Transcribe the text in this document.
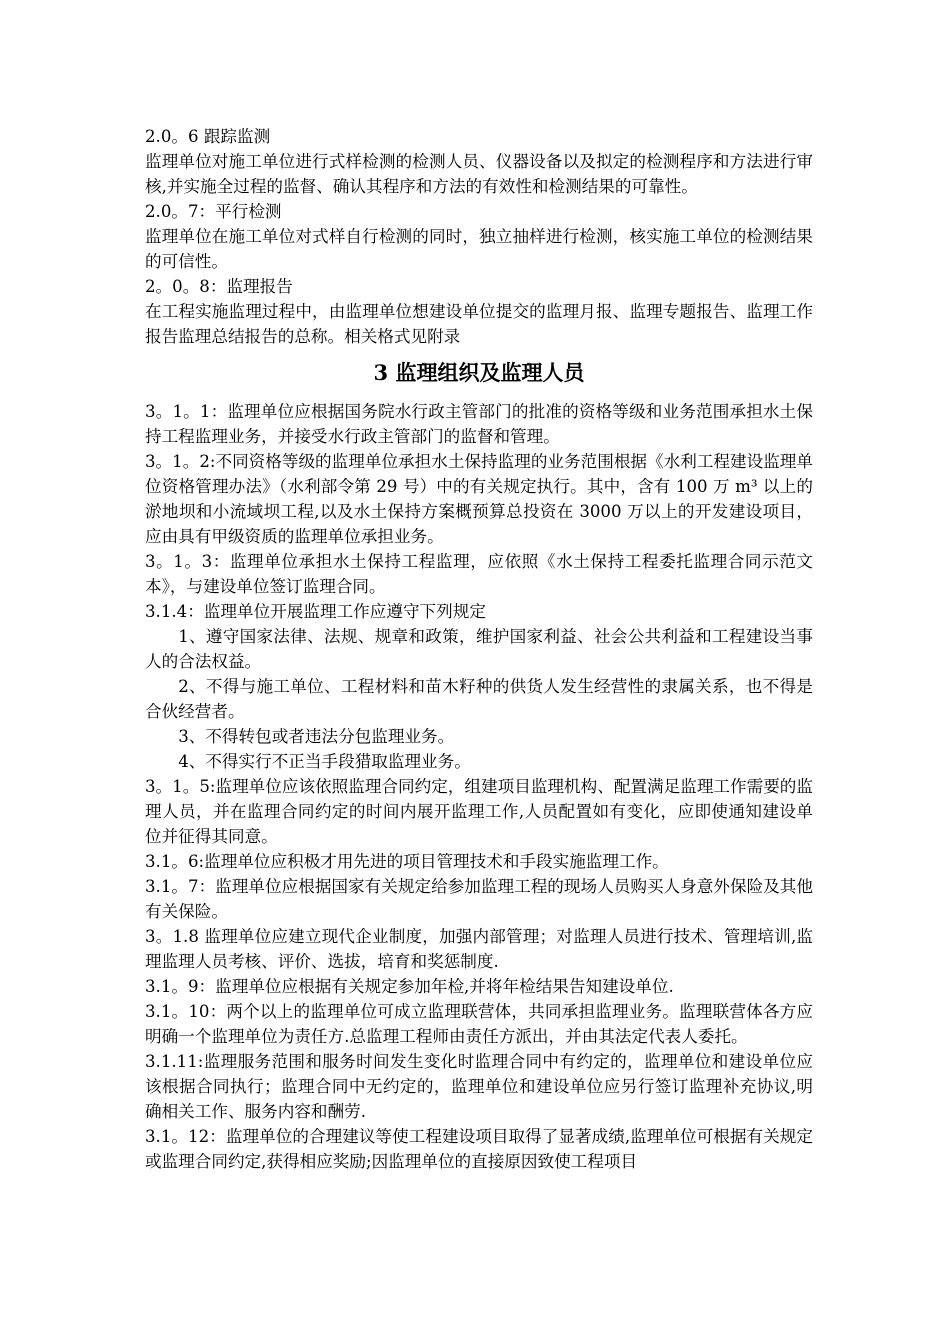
2.0。6 跟踪监测

监理单位对施工单位进行式样检测的检测人员、仪器设备以及拟定的检测程序和方法进行审核,并实施全过程的监督、确认其程序和方法的有效性和检测结果的可靠性。

2.0。7：平行检测

监理单位在施工单位对式样自行检测的同时，独立抽样进行检测，核实施工单位的检测结果的可信性。

2。0。8：监理报告

在工程实施监理过程中，由监理单位想建设单位提交的监理月报、监理专题报告、监理工作报告监理总结报告的总称。相关格式见附录

3 监理组织及监理人员

3。1。1：监理单位应根据国务院水行政主管部门的批准的资格等级和业务范围承担水土保持工程监理业务，并接受水行政主管部门的监督和管理。

3。1。2:不同资格等级的监理单位承担水土保持监理的业务范围根据《水利工程建设监理单位资格管理办法》（水利部令第 29 号）中的有关规定执行。其中，含有 100 万 m³ 以上的淤地坝和小流域坝工程,以及水土保持方案概预算总投资在 3000 万以上的开发建设项目，应由具有甲级资质的监理单位承担业务。

3。1。3：监理单位承担水土保持工程监理，应依照《水土保持工程委托监理合同示范文本》，与建设单位签订监理合同。

3.1.4：监理单位开展监理工作应遵守下列规定

1、遵守国家法律、法规、规章和政策，维护国家利益、社会公共利益和工程建设当事人的合法权益。

2、不得与施工单位、工程材料和苗木籽种的供货人发生经营性的隶属关系，也不得是合伙经营者。

3、不得转包或者违法分包监理业务。

4、不得实行不正当手段猎取监理业务。

3。1。5:监理单位应该依照监理合同约定，组建项目监理机构、配置满足监理工作需要的监理人员，并在监理合同约定的时间内展开监理工作,人员配置如有变化，应即使通知建设单位并征得其同意。

3.1。6:监理单位应积极才用先进的项目管理技术和手段实施监理工作。

3.1。7：监理单位应根据国家有关规定给参加监理工程的现场人员购买人身意外保险及其他有关保险。

3。1.8 监理单位应建立现代企业制度，加强内部管理；对监理人员进行技术、管理培训,监理监理人员考核、评价、选拔，培育和奖惩制度.

3.1。9：监理单位应根据有关规定参加年检,并将年检结果告知建设单位.

3.1。10：两个以上的监理单位可成立监理联营体，共同承担监理业务。监理联营体各方应明确一个监理单位为责任方.总监理工程师由责任方派出，并由其法定代表人委托。

3.1.11:监理服务范围和服务时间发生变化时监理合同中有约定的，监理单位和建设单位应该根据合同执行；监理合同中无约定的，监理单位和建设单位应另行签订监理补充协议,明确相关工作、服务内容和酬劳.

3.1。12：监理单位的合理建议等使工程建设项目取得了显著成绩,监理单位可根据有关规定或监理合同约定,获得相应奖励;因监理单位的直接原因致使工程项目
